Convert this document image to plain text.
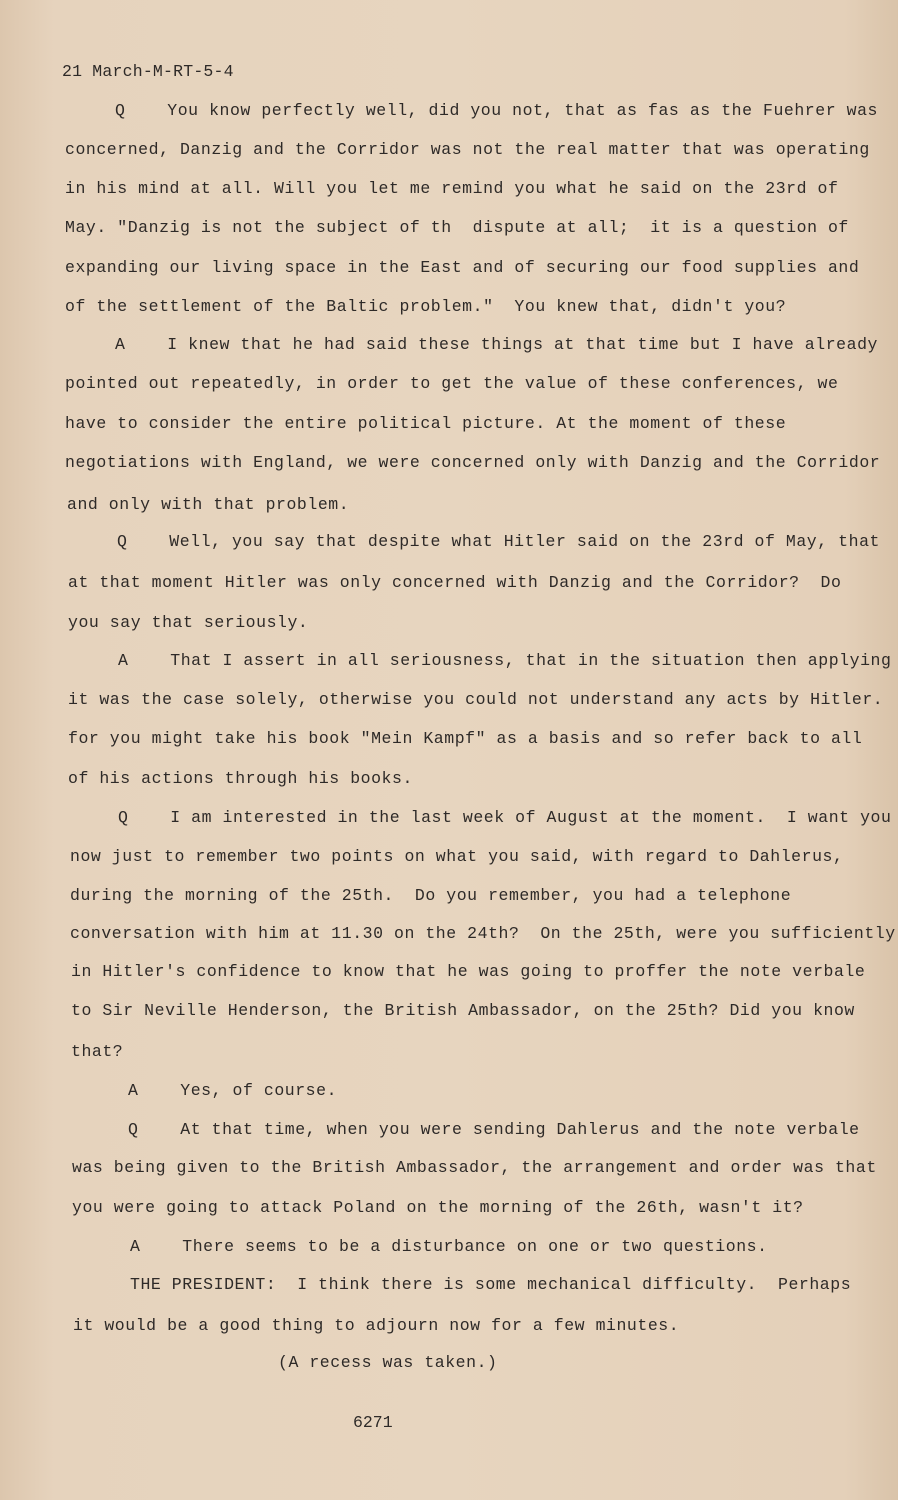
21 March-M-RT-5-4
Q    You know perfectly well, did you not, that as fas as the Fuehrer was
concerned, Danzig and the Corridor was not the real matter that was operating
in his mind at all. Will you let me remind you what he said on the 23rd of
May. "Danzig is not the subject of th  dispute at all;  it is a question of
expanding our living space in the East and of securing our food supplies and
of the settlement of the Baltic problem."  You knew that, didn't you?
A    I knew that he had said these things at that time but I have already
pointed out repeatedly, in order to get the value of these conferences, we
have to consider the entire political picture. At the moment of these
negotiations with England, we were concerned only with Danzig and the Corridor
and only with that problem.
Q    Well, you say that despite what Hitler said on the 23rd of May, that
at that moment Hitler was only concerned with Danzig and the Corridor?  Do
you say that seriously.
A    That I assert in all seriousness, that in the situation then applying
it was the case solely, otherwise you could not understand any acts by Hitler.
for you might take his book "Mein Kampf" as a basis and so refer back to all
of his actions through his books.
Q    I am interested in the last week of August at the moment.  I want you
now just to remember two points on what you said, with regard to Dahlerus,
during the morning of the 25th.  Do you remember, you had a telephone
conversation with him at 11.30 on the 24th?  On the 25th, were you sufficiently
in Hitler's confidence to know that he was going to proffer the note verbale
to Sir Neville Henderson, the British Ambassador, on the 25th? Did you know
that?
A    Yes, of course.
Q    At that time, when you were sending Dahlerus and the note verbale
was being given to the British Ambassador, the arrangement and order was that
you were going to attack Poland on the morning of the 26th, wasn't it?
A    There seems to be a disturbance on one or two questions.
THE PRESIDENT:  I think there is some mechanical difficulty.  Perhaps
it would be a good thing to adjourn now for a few minutes.
(A recess was taken.)
6271
